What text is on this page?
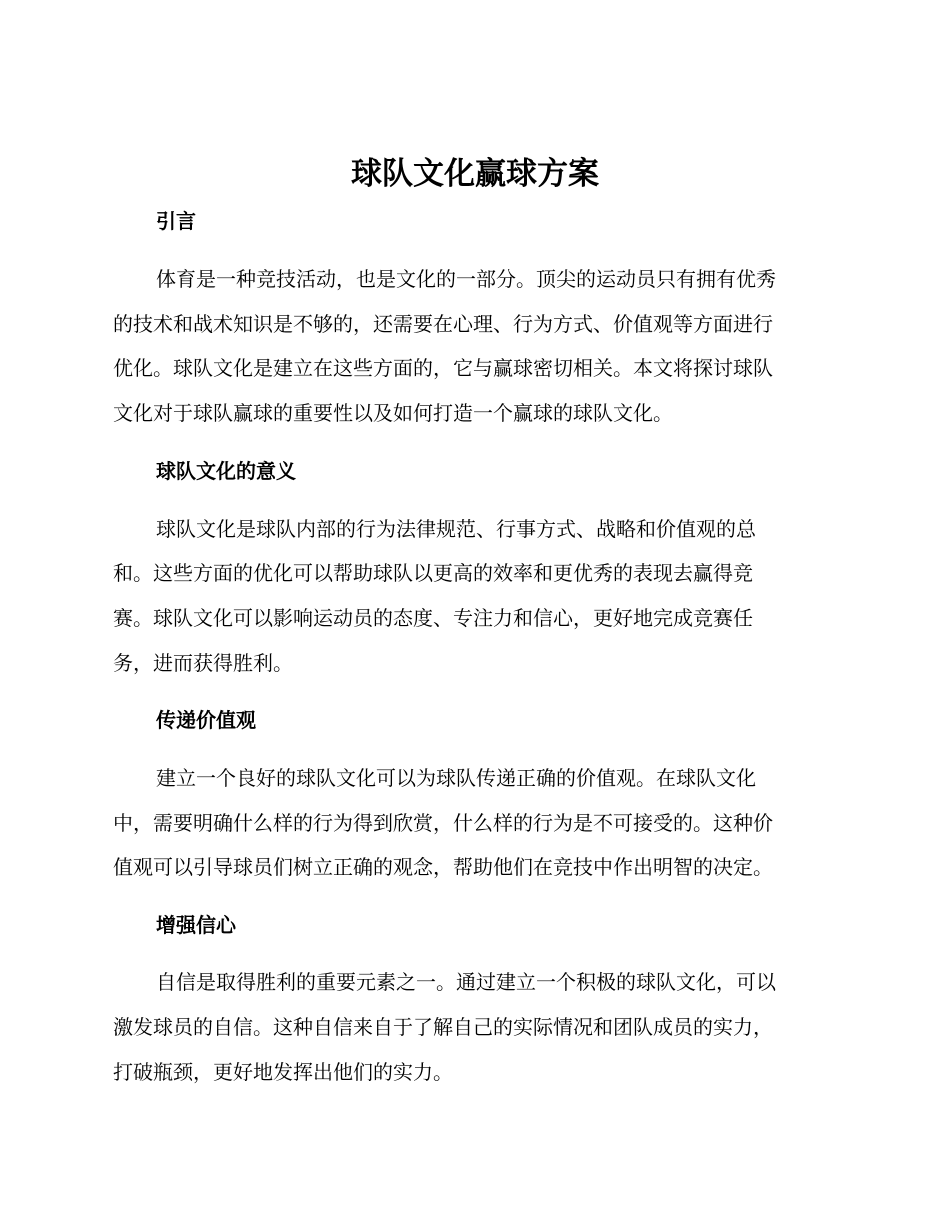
球队文化赢球方案
引言

体育是一种竞技活动，也是文化的一部分。顶尖的运动员只有拥有优秀

的技术和战术知识是不够的，还需要在心理、行为方式、价值观等方面进行

优化。球队文化是建立在这些方面的，它与赢球密切相关。本文将探讨球队

文化对于球队赢球的重要性以及如何打造一个赢球的球队文化。

球队文化的意义

球队文化是球队内部的行为法律规范、行事方式、战略和价值观的总

和。这些方面的优化可以帮助球队以更高的效率和更优秀的表现去赢得竞

赛。球队文化可以影响运动员的态度、专注力和信心，更好地完成竞赛任

务，进而获得胜利。

传递价值观

建立一个良好的球队文化可以为球队传递正确的价值观。在球队文化

中，需要明确什么样的行为得到欣赏，什么样的行为是不可接受的。这种价

值观可以引导球员们树立正确的观念，帮助他们在竞技中作出明智的决定。

增强信心

自信是取得胜利的重要元素之一。通过建立一个积极的球队文化，可以

激发球员的自信。这种自信来自于了解自己的实际情况和团队成员的实力，

打破瓶颈，更好地发挥出他们的实力。
